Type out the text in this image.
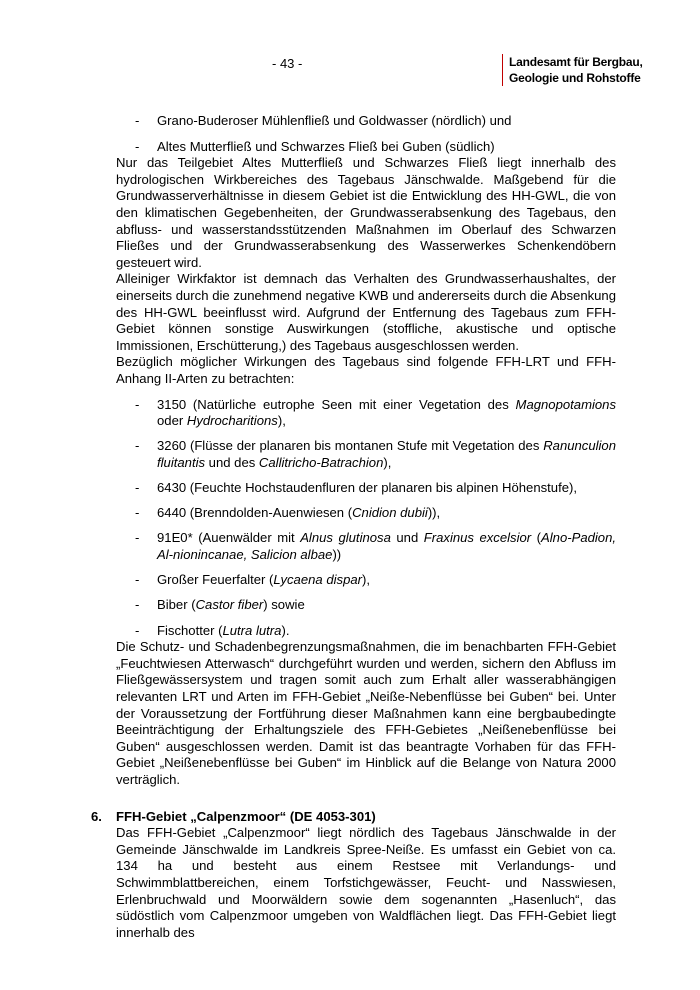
- 43 -	Landesamt für Bergbau,
Geologie und Rohstoffe
- Grano-Buderoser Mühlenfließ und Goldwasser (nördlich) und
- Altes Mutterfließ und Schwarzes Fließ bei Guben (südlich)

Nur das Teilgebiet Altes Mutterfließ und Schwarzes Fließ liegt innerhalb des hydrologischen Wirkbereiches des Tagebaus Jänschwalde. Maßgebend für die Grundwasserverhältnisse in diesem Gebiet ist die Entwicklung des HH-GWL, die von den klimatischen Gegebenheiten, der Grundwasserabsenkung des Tagebaus, den abfluss- und wasserstandsstützenden Maßnahmen im Oberlauf des Schwarzen Fließes und der Grundwasserabsenkung des Wasserwerkes Schenkendöbern gesteuert wird.

Alleiniger Wirkfaktor ist demnach das Verhalten des Grundwasserhaushaltes, der einerseits durch die zunehmend negative KWB und andererseits durch die Absenkung des HH-GWL beeinflusst wird. Aufgrund der Entfernung des Tagebaus zum FFH-Gebiet können sonstige Auswirkungen (stoffliche, akustische und optische Immissionen, Erschütterung,) des Tagebaus ausgeschlossen werden.

Bezüglich möglicher Wirkungen des Tagebaus sind folgende FFH-LRT und FFH-Anhang II-Arten zu betrachten:

- 3150 (Natürliche eutrophe Seen mit einer Vegetation des Magnopotamions oder Hydrocharitions),
- 3260 (Flüsse der planaren bis montanen Stufe mit Vegetation des Ranunculion fluitantis und des Callitricho-Batrachion),
- 6430 (Feuchte Hochstaudenfluren der planaren bis alpinen Höhenstufe),
- 6440 (Brenndolden-Auenwiesen (Cnidion dubii)),
- 91E0* (Auenwälder mit Alnus glutinosa und Fraxinus excelsior (Alno-Padion, Al-nionincanae, Salicion albae))
- Großer Feuerfalter (Lycaena dispar),
- Biber (Castor fiber) sowie
- Fischotter (Lutra lutra).

Die Schutz- und Schadenbegrenzungsmaßnahmen, die im benachbarten FFH-Gebiet „Feuchtwiesen Atterwasch“ durchgeführt wurden und werden, sichern den Abfluss im Fließgewässersystem und tragen somit auch zum Erhalt aller wasserabhängigen relevanten LRT und Arten im FFH-Gebiet „Neiße-Nebenflüsse bei Guben“ bei. Unter der Voraussetzung der Fortführung dieser Maßnahmen kann eine bergbaubedingte Beeinträchtigung der Erhaltungsziele des FFH-Gebietes „Neißenebenflüsse bei Guben“ ausgeschlossen werden. Damit ist das beantragte Vorhaben für das FFH-Gebiet „Neißenebenflüsse bei Guben“ im Hinblick auf die Belange von Natura 2000 verträglich.

6. FFH-Gebiet „Calpenzmoor“ (DE 4053-301)

Das FFH-Gebiet „Calpenzmoor“ liegt nördlich des Tagebaus Jänschwalde in der Gemeinde Jänschwalde im Landkreis Spree-Neiße. Es umfasst ein Gebiet von ca. 134 ha und besteht aus einem Restsee mit Verlandungs- und Schwimmblattbereichen, einem Torfstichgewässer, Feucht- und Nasswiesen, Erlenbruchwald und Moorwäldern sowie dem sogenannten „Hasenluch“, das südöstlich vom Calpenzmoor umgeben von Waldflächen liegt. Das FFH-Gebiet liegt innerhalb des
